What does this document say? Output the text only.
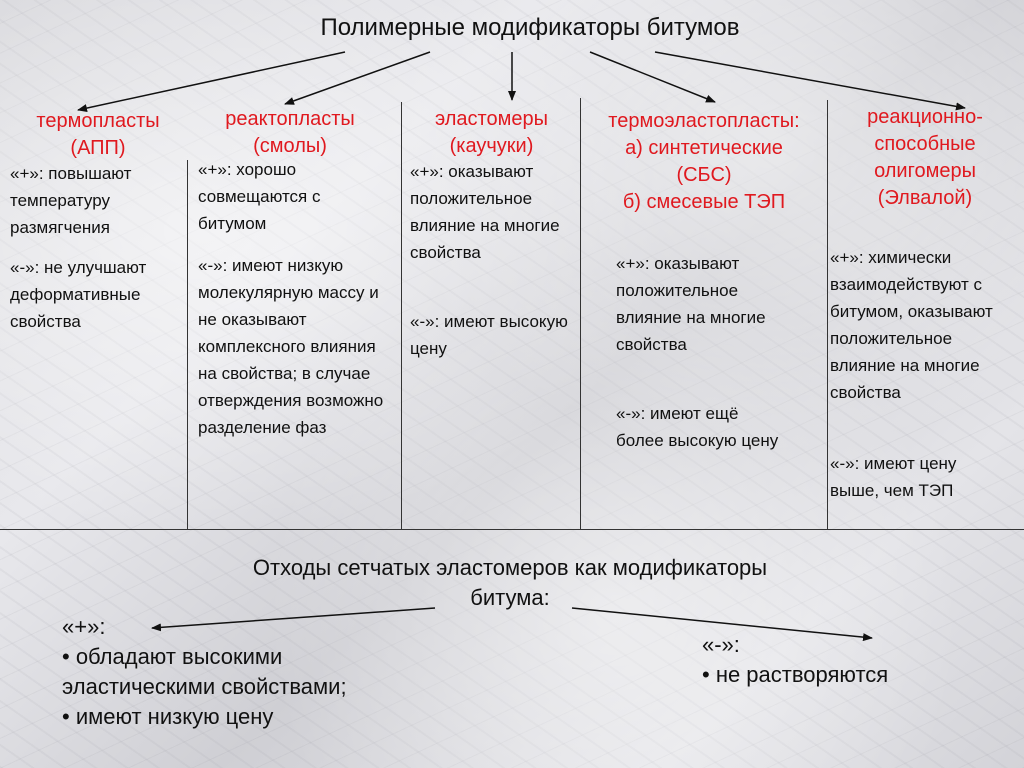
Полимерные модификаторы битумов
термопласты
(АПП)
«+»: повышают температуру размягчения
«-»: не улучшают деформативные свойства
реактопласты
(смолы)
«+»: хорошо совмещаются с битумом
«-»: имеют низкую молекулярную массу и не оказывают комплексного влияния на свойства; в случае отверждения возможно разделение фаз
эластомеры
(каучуки)
«+»: оказывают положительное влияние на многие свойства
«-»: имеют высокую цену
термоэластопласты:
а) синтетические
(СБС)
б) смесевые ТЭП
«+»: оказывают положительное влияние на многие свойства
«-»: имеют ещё более высокую цену
реакционно-
способные
олигомеры
(Элвалой)
«+»: химически взаимодействуют с битумом, оказывают положительное влияние на многие свойства
«-»: имеют цену выше, чем ТЭП
Отходы сетчатых эластомеров как модификаторы
битума:
«+»:
• обладают высокими
эластическими свойствами;
• имеют низкую цену
«-»:
• не растворяются
